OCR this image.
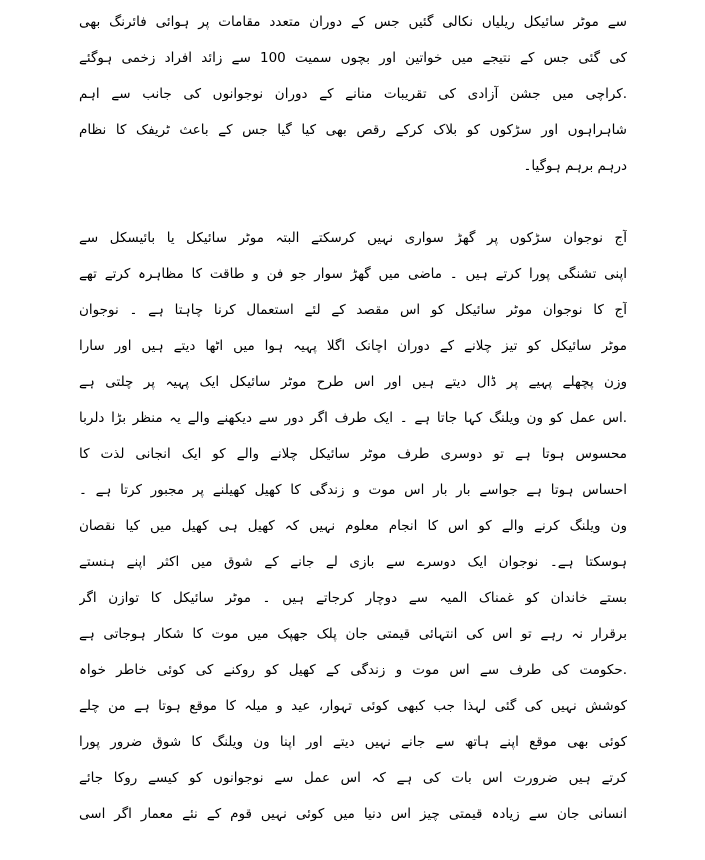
سے موٹر سائیکل ریلیاں نکالی گئیں جس کے دوران متعدد مقامات پر ہوائی فائرنگ بھی
کی گئی جس کے نتیجے میں خواتین اور بچوں سمیت 100 سے زائد افراد زخمی ہوگئے
.کراچی میں جشن آزادی کی تقریبات منانے کے دوران نوجوانوں کی جانب سے اہم
شاہراہوں اور سڑکوں کو بلاک کرکے رقص بھی کیا گیا جس کے باعث ٹریفک کا نظام
درہم برہم ہوگیا۔
آج نوجوان سڑکوں پر گھڑ سواری نہیں کرسکتے البتہ موٹر سائیکل یا بائیسکل سے
اپنی تشنگی پورا کرتے ہیں ۔ ماضی میں گھڑ سوار جو فن و طاقت کا مظاہرہ کرتے تھے
آج کا نوجوان موٹر سائیکل کو اس مقصد کے لئے استعمال کرنا چاہتا ہے ۔ نوجوان
موٹر سائیکل کو تیز چلانے کے دوران اچانک اگلا پہیہ ہوا میں اٹھا دیتے ہیں اور سارا
وزن پچھلے پہیے پر ڈال دیتے ہیں اور اس طرح موٹر سائیکل ایک پہیہ پر چلتی ہے
.اس عمل کو ون ویلنگ کہا جاتا ہے ۔ ایک طرف اگر دور سے دیکھنے والے یہ منظر بڑا دلربا
محسوس ہوتا ہے تو دوسری طرف موٹر سائیکل چلانے والے کو ایک انجانی لذت کا
احساس ہوتا ہے جواسے بار بار اس موت و زندگی کا کھیل کھیلنے پر مجبور کرتا ہے ۔
ون ویلنگ کرنے والے کو اس کا انجام معلوم نہیں کہ کھیل ہی کھیل میں کیا نقصان
ہوسکتا ہے۔ نوجوان ایک دوسرے سے بازی لے جانے کے شوق میں اکثر اپنے ہنستے
بستے خاندان کو غمناک المیہ سے دوچار کرجاتے ہیں ۔ موٹر سائیکل کا توازن اگر
برقرار نہ رہے تو اس کی انتہائی قیمتی جان پلک جھپک میں موت کا شکار ہوجاتی ہے
.حکومت کی طرف سے اس موت و زندگی کے کھیل کو روکنے کی کوئی خاطر خواہ
کوشش نہیں کی گئی لہذا جب کبھی کوئی تہوار، عید و میلہ کا موقع ہوتا ہے من چلے
کوئی بھی موقع اپنے ہاتھ سے جانے نہیں دیتے اور اپنا ون ویلنگ کا شوق ضرور پورا
کرتے ہیں ضرورت اس بات کی ہے کہ اس عمل سے نوجوانوں کو کیسے روکا جائے
انسانی جان سے زیادہ قیمتی چیز اس دنیا میں کوئی نہیں قوم کے نئے معمار اگر اسی
